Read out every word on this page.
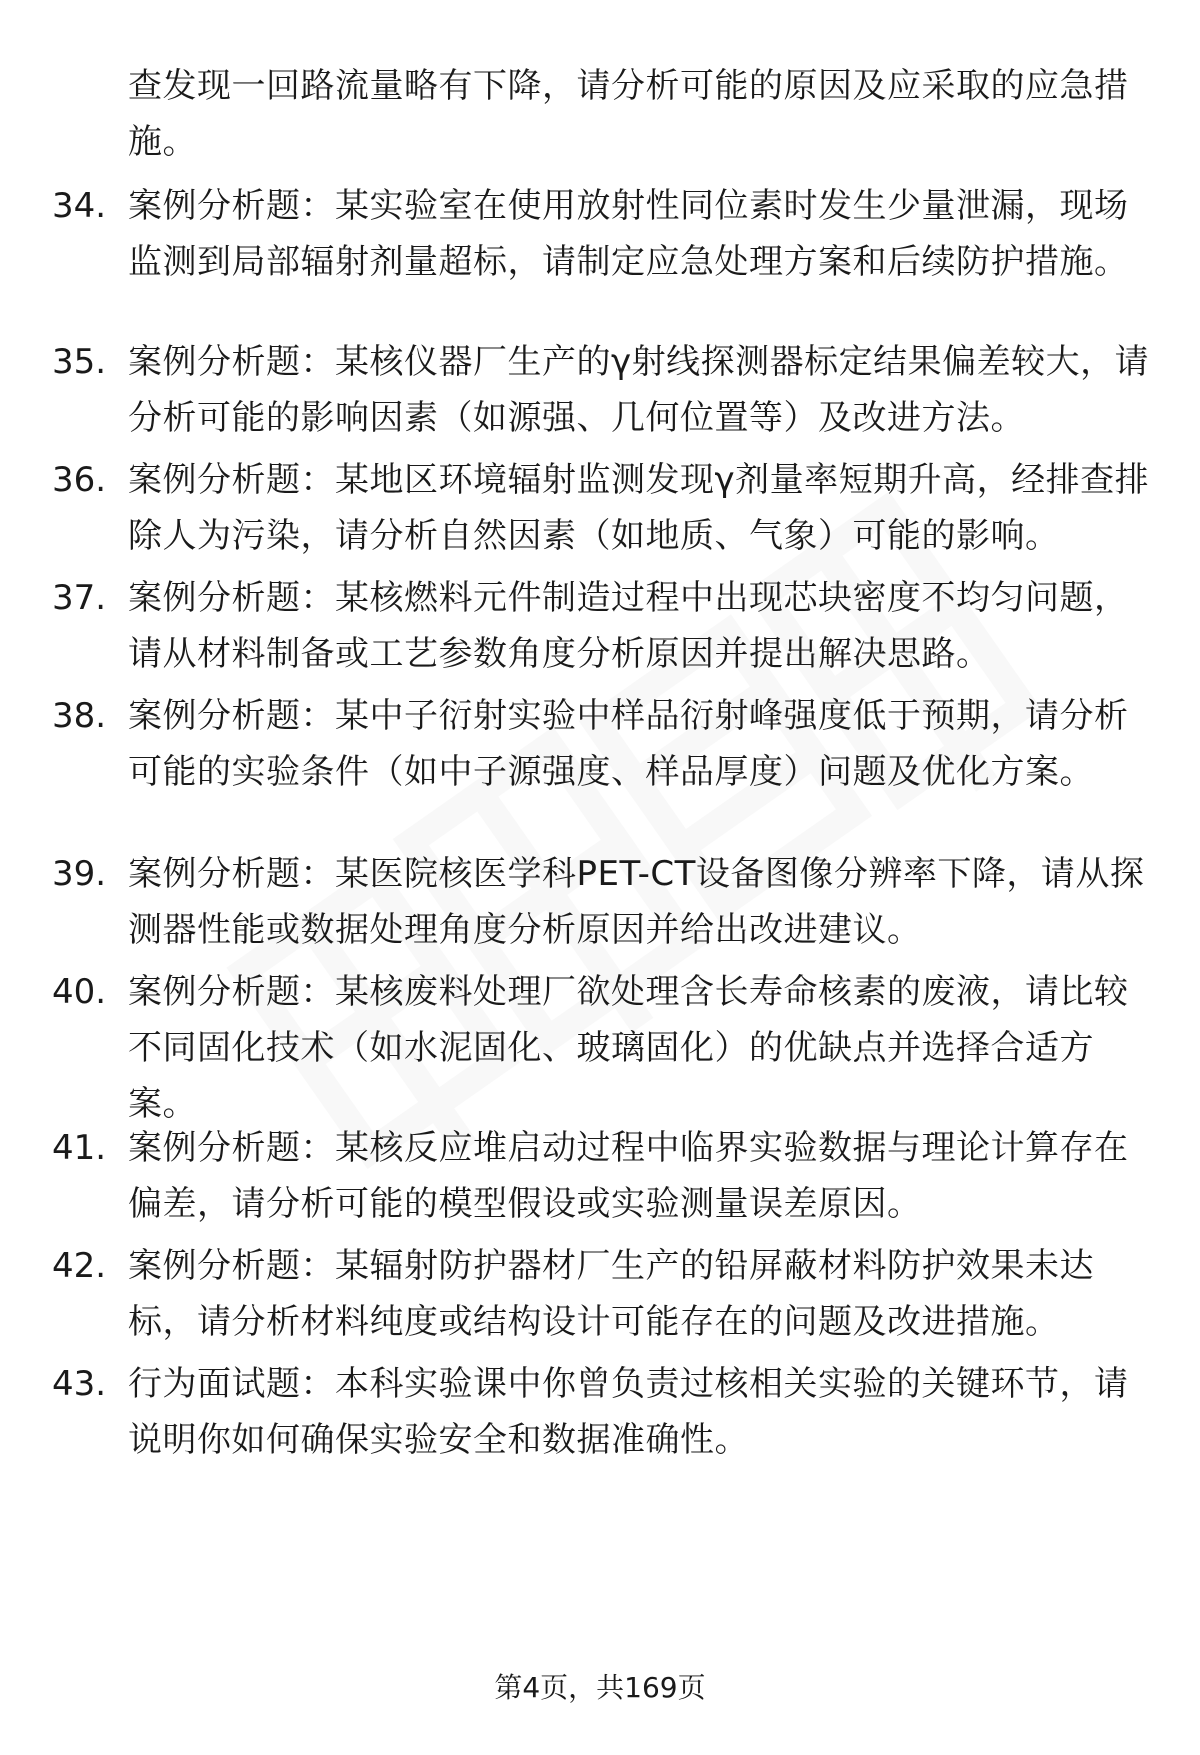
查发现一回路流量略有下降，请分析可能的原因及应采取的应急措施。
34. 案例分析题：某实验室在使用放射性同位素时发生少量泄漏，现场监测到局部辐射剂量超标，请制定应急处理方案和后续防护措施。
35. 案例分析题：某核仪器厂生产的γ射线探测器标定结果偏差较大，请分析可能的影响因素（如源强、几何位置等）及改进方法。
36. 案例分析题：某地区环境辐射监测发现γ剂量率短期升高，经排查排除人为污染，请分析自然因素（如地质、气象）可能的影响。
37. 案例分析题：某核燃料元件制造过程中出现芯块密度不均匀问题，请从材料制备或工艺参数角度分析原因并提出解决思路。
38. 案例分析题：某中子衍射实验中样品衍射峰强度低于预期，请分析可能的实验条件（如中子源强度、样品厚度）问题及优化方案。
39. 案例分析题：某医院核医学科PET-CT设备图像分辨率下降，请从探测器性能或数据处理角度分析原因并给出改进建议。
40. 案例分析题：某核废料处理厂欲处理含长寿命核素的废液，请比较不同固化技术（如水泥固化、玻璃固化）的优缺点并选择合适方案。
41. 案例分析题：某核反应堆启动过程中临界实验数据与理论计算存在偏差，请分析可能的模型假设或实验测量误差原因。
42. 案例分析题：某辐射防护器材厂生产的铅屏蔽材料防护效果未达标，请分析材料纯度或结构设计可能存在的问题及改进措施。
43. 行为面试题：本科实验课中你曾负责过核相关实验的关键环节，请说明你如何确保实验安全和数据准确性。
第4页，共169页
